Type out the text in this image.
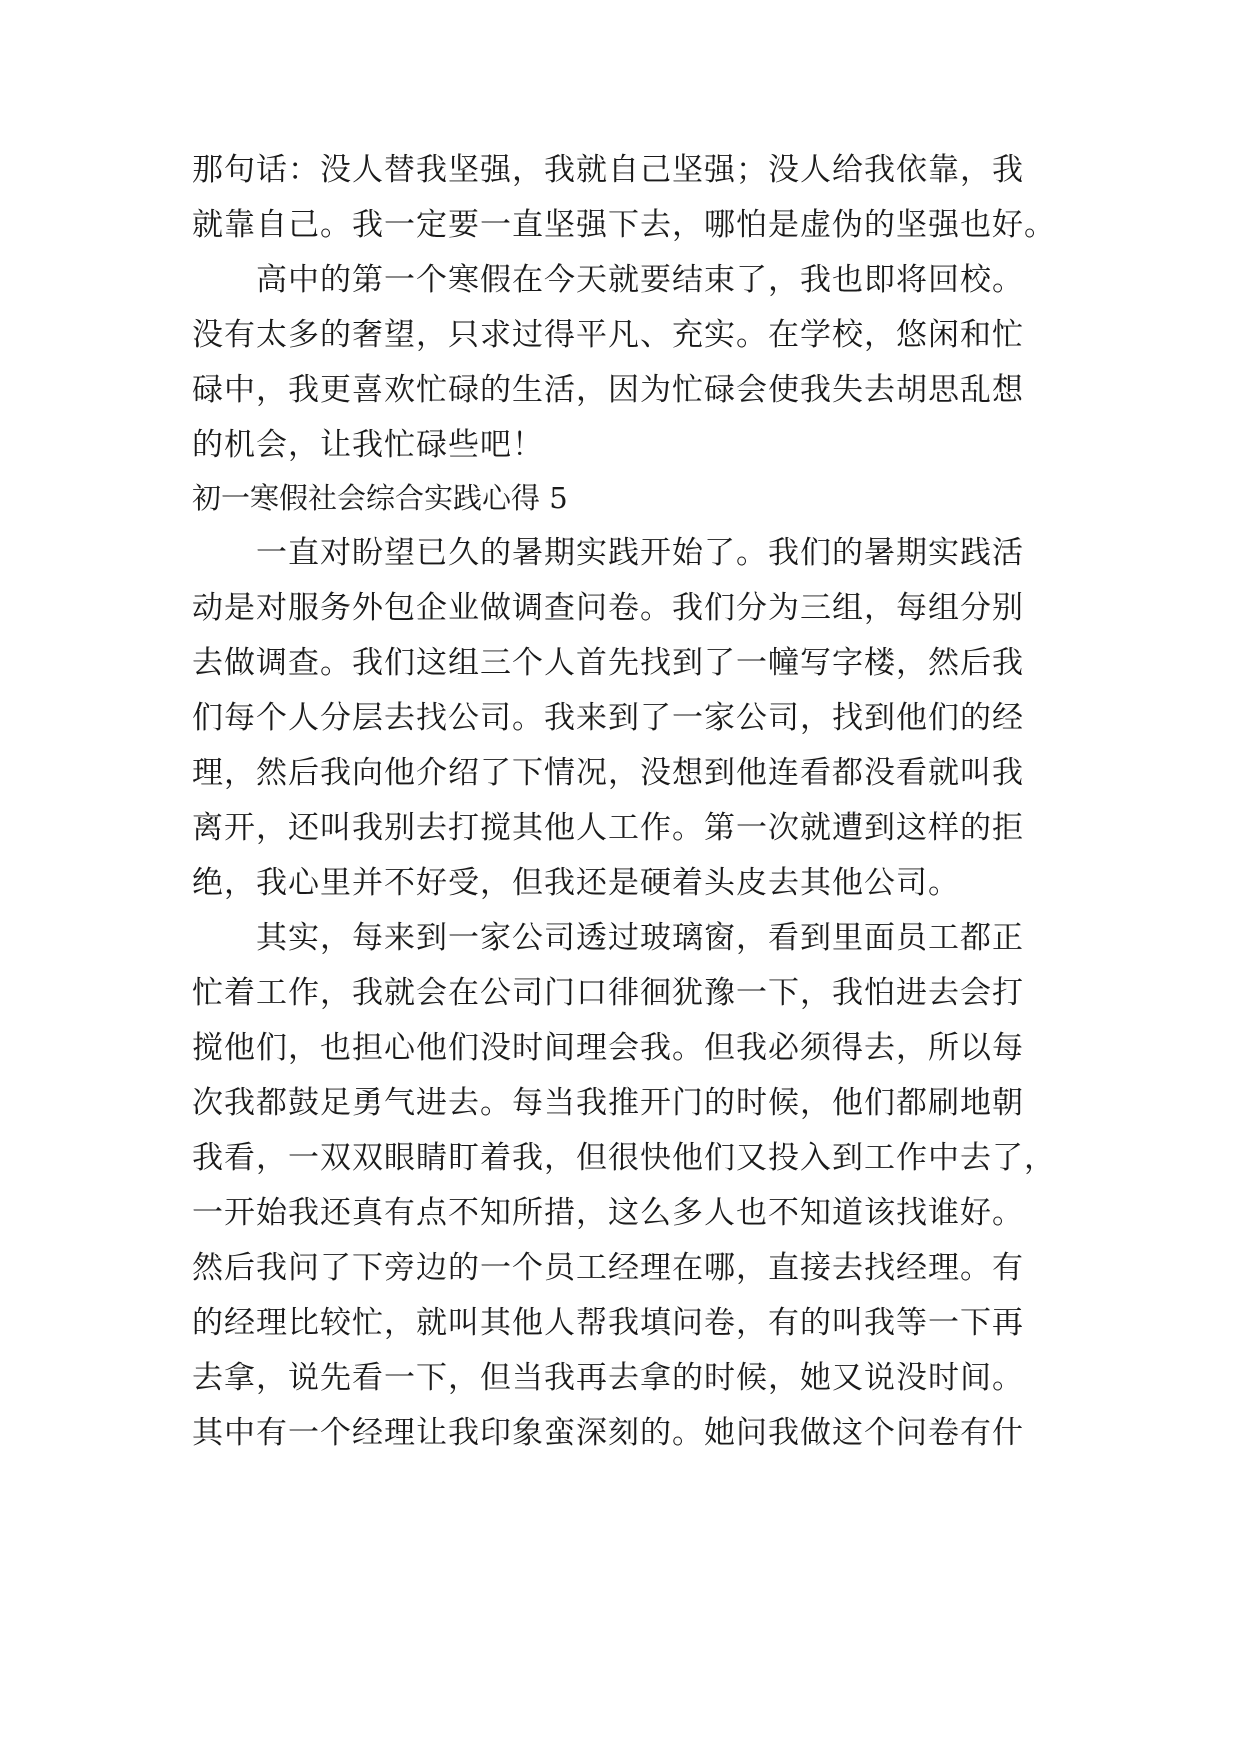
那句话：没人替我坚强，我就自己坚强；没人给我依靠，我
就靠自己。我一定要一直坚强下去，哪怕是虚伪的坚强也好。
　　高中的第一个寒假在今天就要结束了，我也即将回校。
没有太多的奢望，只求过得平凡、充实。在学校，悠闲和忙
碌中，我更喜欢忙碌的生活，因为忙碌会使我失去胡思乱想
的机会，让我忙碌些吧！
初一寒假社会综合实践心得 5
　　一直对盼望已久的暑期实践开始了。我们的暑期实践活
动是对服务外包企业做调查问卷。我们分为三组，每组分别
去做调查。我们这组三个人首先找到了一幢写字楼，然后我
们每个人分层去找公司。我来到了一家公司，找到他们的经
理，然后我向他介绍了下情况，没想到他连看都没看就叫我
离开，还叫我别去打搅其他人工作。第一次就遭到这样的拒
绝，我心里并不好受，但我还是硬着头皮去其他公司。
　　其实，每来到一家公司透过玻璃窗，看到里面员工都正
忙着工作，我就会在公司门口徘徊犹豫一下，我怕进去会打
搅他们，也担心他们没时间理会我。但我必须得去，所以每
次我都鼓足勇气进去。每当我推开门的时候，他们都刷地朝
我看，一双双眼睛盯着我，但很快他们又投入到工作中去了，
一开始我还真有点不知所措，这么多人也不知道该找谁好。
然后我问了下旁边的一个员工经理在哪，直接去找经理。有
的经理比较忙，就叫其他人帮我填问卷，有的叫我等一下再
去拿，说先看一下，但当我再去拿的时候，她又说没时间。
其中有一个经理让我印象蛮深刻的。她问我做这个问卷有什
